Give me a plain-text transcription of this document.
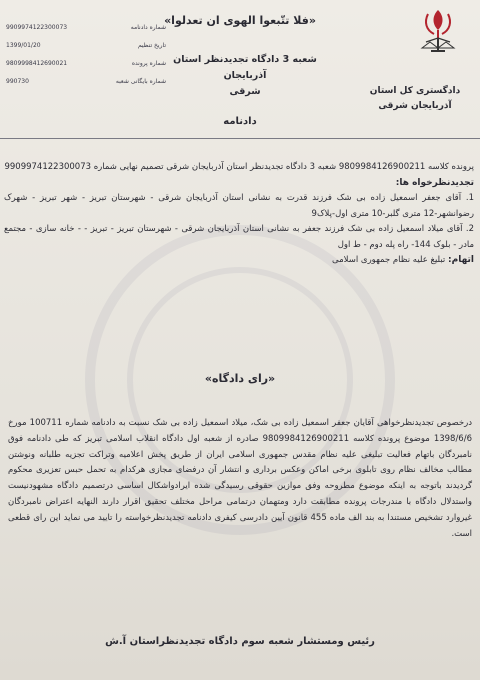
9909974122300073	شماره دادنامه
1399/01/20	تاریخ تنظیم
9809998412690021	شماره پرونده
990730	شماره بایگانی شعبه
«فلا تتّبعوا الهوی ان تعدلوا»
شعبه 3 دادگاه تجدیدنظر استان آذربایجان
شرقی	دادگستری کل استان
آذربایجان شرقی
دادنامه

پرونده کلاسه 9809984126900211 شعبه 3 دادگاه تجدیدنظر استان آذربایجان شرقی تصمیم نهایی شماره 9909974122300073

تجدیدنظرخواه ها:

1. آقای جعفر اسمعیل زاده بی شک فرزند قدرت به نشانی استان آذربایجان شرقی - شهرستان تبریز - شهر تبریز - شهرک رضوانشهر-12 متری گلبر-10 متری اول-پلاک9

2. آقای میلاد اسمعیل زاده بی شک فرزند جعفر به نشانی استان آذربایجان شرقی - شهرستان تبریز - تبریز - - خانه سازی - مجتمع مادر - بلوک 144- راه پله دوم - ط اول

اتهام: تبلیغ علیه نظام جمهوری اسلامی

«رای دادگاه»
درخصوص تجدیدنظرخواهی آقایان جعفر اسمعیل زاده بی شک، میلاد اسمعیل زاده بی شک نسبت به دادنامه شماره 100711 مورخ 1398/6/6 موضوع پرونده کلاسه 9809984126900211 صادره از شعبه اول دادگاه انقلاب اسلامی تبریز که طی دادنامه فوق نامبردگان باتهام فعالیت تبلیغی علیه نظام مقدس جمهوری اسلامی ایران از طریق پخش اعلامیه وتراکت تجزیه طلبانه ونوشتن مطالب مخالف نظام روی تابلوی برخی اماکن وعکس برداری و انتشار آن درفضای مجازی هرکدام به تحمل حبس تعزیری محکوم گردیدند باتوجه به اینکه موضوع مطروحه وفق موازین حقوقی رسیدگی شده ایرادواشکال اساسی درتصمیم دادگاه مشهودنیست واستدلال دادگاه با مندرجات پرونده مطابقت دارد ومتهمان درتمامی مراحل مختلف تحقیق اقرار دارند النهایه اعتراض نامبردگان غیروارد تشخیص مستندا به بند الف ماده 455 قانون آیین دادرسی کیفری دادنامه تجدیدنظرخواسته را تایید می نماید این رای قطعی است.
رئیس ومستشار شعبه سوم دادگاه تجدیدنظراستان آ.ش
